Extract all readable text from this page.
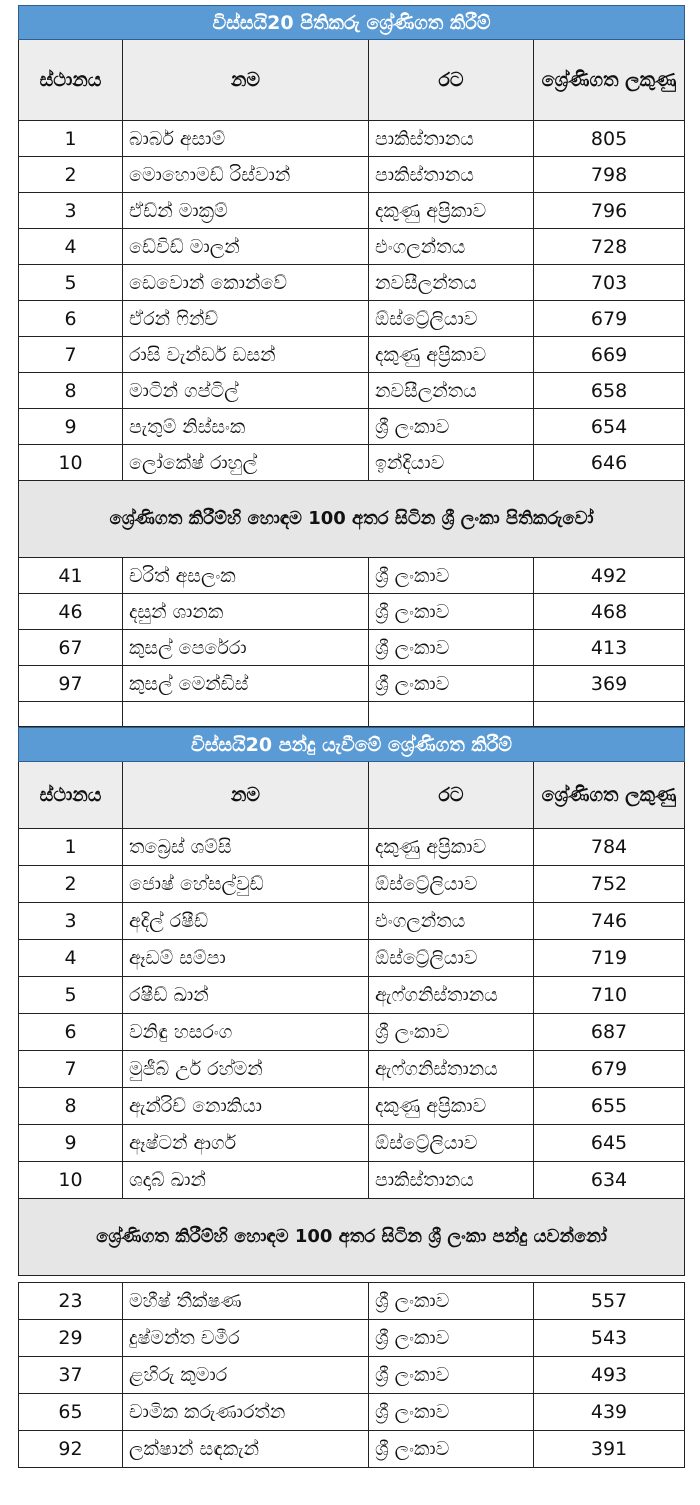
විස්සයි20 පිතිකරු ශ්‍රේණිගත කිරීම්			
ස්ථානය	නම	රට	ශ්‍රේණිගත ලකුණු
1	බාබර් අසාම්	පාකිස්තානය	805
2	මොහොමඩ් රිස්වාන්	පාකිස්තානය	798
3	ඒඩ්න් මාක්‍රම්	දකුණු අප්‍රිකාව	796
4	ඩේවිඩ් මාලන්	එංගලන්තය	728
5	ඩෙවොන් කොන්වේ	නවසීලන්තය	703
6	ඒරන් ෆින්ච්	ඕස්ට්‍රේලියාව	679
7	රාසි වැන්ඩර් ඩසන්	දකුණු අප්‍රිකාව	669
8	මාටින් ගප්ටිල්	නවසීලන්තය	658
9	පැතුම් නිස්සංක	ශ්‍රී ලංකාව	654
10	ලෝකේෂ් රාහුල්	ඉන්දියාව	646
ශ්‍රේණිගත කිරීම්හි හොඳම 100 අතර සිටින ශ්‍රී ලංකා පිතිකරුවෝ			
41	චරිත් අසලංක	ශ්‍රී ලංකාව	492
46	දසුන් ශානක	ශ්‍රී ලංකාව	468
67	කුසල් පෙරේරා	ශ්‍රී ලංකාව	413
97	කුසල් මෙන්ඩිස්	ශ්‍රී ලංකාව	369

විස්සයි20 පන්දු යැවීමේ ශ්‍රේණිගත කිරීම්			
ස්ථානය	නම	රට	ශ්‍රේණිගත ලකුණු
1	තබ්‍රෙස් ශම්සි	දකුණු අප්‍රිකාව	784
2	ජොෂ් හේසල්වුඩ්	ඕස්ට්‍රේලියාව	752
3	අදිල් රෂීඩ්	එංගලන්තය	746
4	ඈඩම් සම්පා	ඕස්ට්‍රේලියාව	719
5	රෂීඩ් ඛාන්	ඇෆ්ගනිස්තානය	710
6	වනිඳු හසරංග	ශ්‍රී ලංකාව	687
7	මුජීබ් උර් රහ්මන්	ඇෆ්ගනිස්තානය	679
8	ඇන්රිච් නොකියා	දකුණු අප්‍රිකාව	655
9	ඈෂ්ටන් ආගර්	ඕස්ට්‍රේලියාව	645
10	ශදාබ් ඛාන්	පාකිස්තානය	634
ශ්‍රේණිගත කිරීම්හි හොඳම 100 අතර සිටින ශ්‍රී ලංකා පන්දු යවන්නෝ			
23	මහීෂ් තීක්ෂණ	ශ්‍රී ලංකාව	557
29	දුෂ්මන්ත චමීර	ශ්‍රී ලංකාව	543
37	ළහිරු කුමාර	ශ්‍රී ලංකාව	493
65	චාමික කරුණාරත්න	ශ්‍රී ලංකාව	439
92	ලක්ෂාන් සඳකැන්	ශ්‍රී ලංකාව	391
